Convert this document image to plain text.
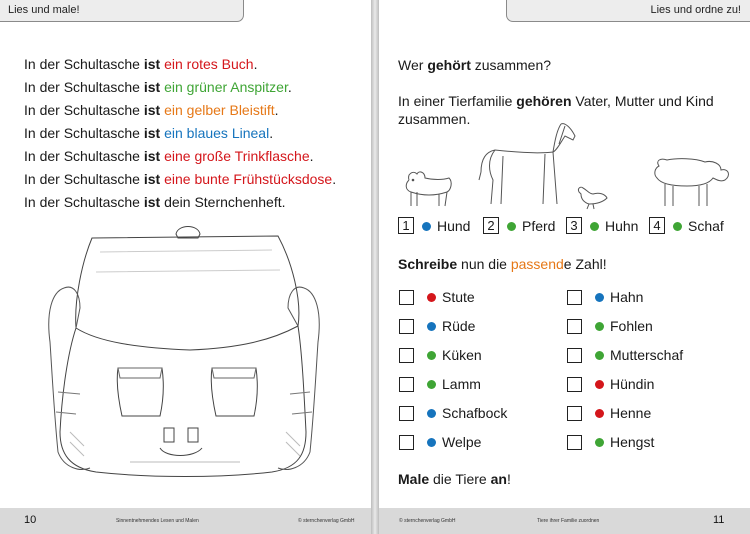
Lies und male!
In der Schultasche ist ein rotes Buch.
In der Schultasche ist ein grüner Anspitzer.
In der Schultasche ist ein gelber Bleistift.
In der Schultasche ist ein blaues Lineal.
In der Schultasche ist eine große Trinkflasche.
In der Schultasche ist eine bunte Frühstücksdose.
In der Schultasche ist dein Sternchenheft.
10	Sinnentnehmendes Lesen und Malen	© sternchenverlag GmbH
Lies und ordne zu!
Wer gehört zusammen?
In einer Tierfamilie gehören Vater, Mutter und Kind
zusammen.
1	Hund	2	Pferd	3	Huhn	4	Schaf
Schreibe nun die passende Zahl!
Stute
Rüde
Küken
Lamm
Schafbock
Welpe
Hahn
Fohlen
Mutterschaf
Hündin
Henne
Hengst
Male die Tiere an!
© sternchenverlag GmbH	Tiere ihrer Familie zuordnen	11
